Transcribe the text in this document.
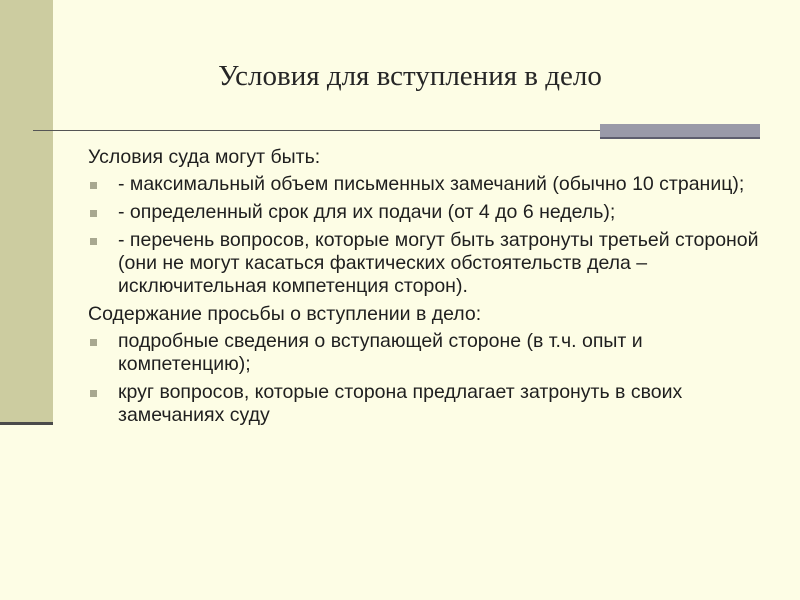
Условия для вступления в дело
Условия суда могут быть:
- максимальный объем письменных замечаний (обычно 10 страниц);
- определенный срок для их подачи (от 4 до 6 недель);
- перечень вопросов, которые могут быть затронуты третьей стороной (они не могут касаться фактических обстоятельств дела – исключительная компетенция сторон).
Содержание просьбы о вступлении в дело:
подробные сведения о вступающей стороне (в т.ч. опыт и компетенцию);
круг вопросов, которые сторона предлагает затронуть в своих замечаниях суду
